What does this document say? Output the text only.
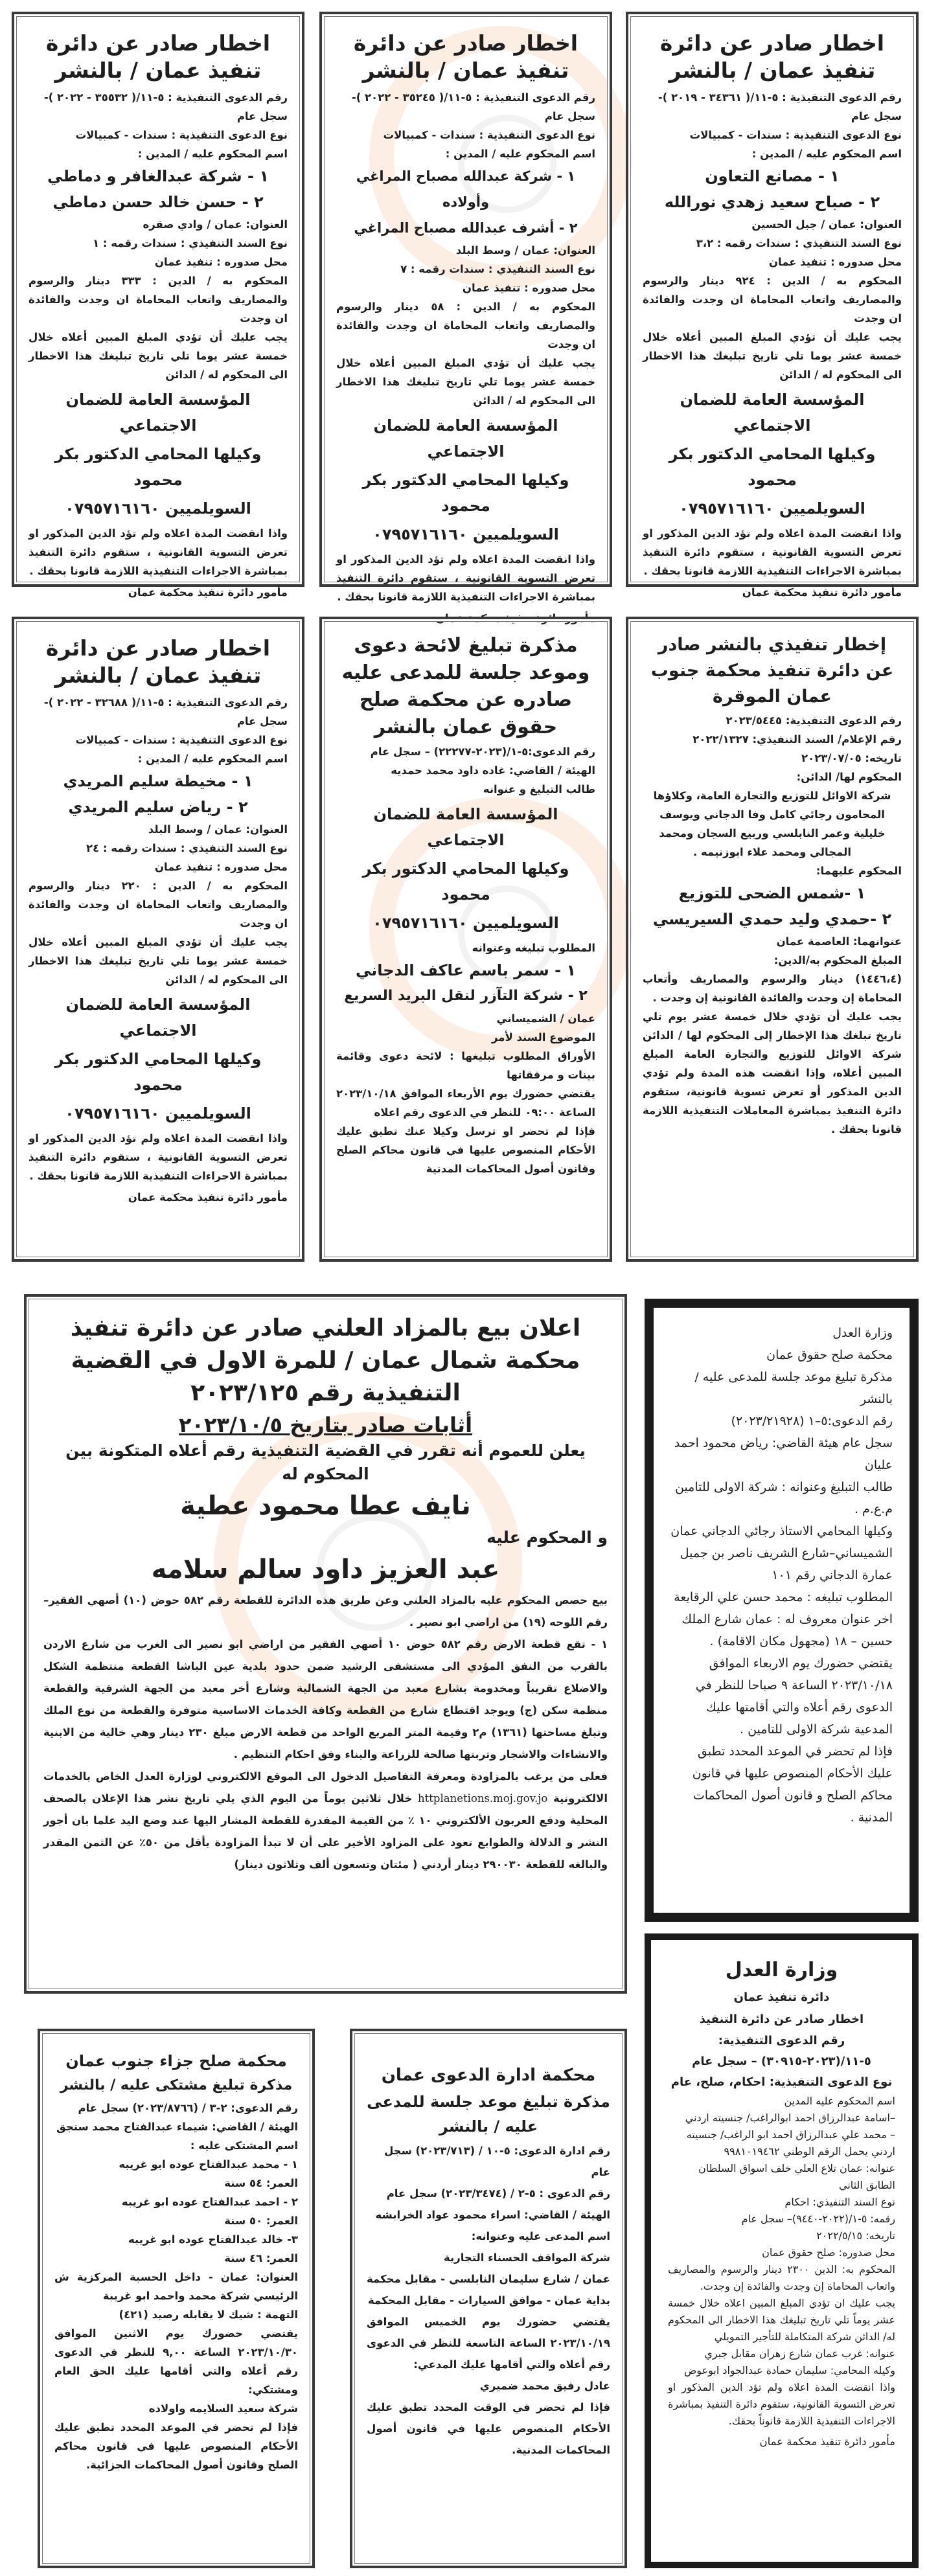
اخطار صادر عن دائرة تنفيذ عمان / بالنشر

رقم الدعوى التنفيذية : ٥-١١/( ٣٤٣٦١ - ٢٠١٩ )- سجل عام

نوع الدعوى التنفيذية : سندات - كمبيالات

اسم المحكوم عليه / المدين :

١ - مصانع التعاون

٢ - صباح سعيد زهدي نورالله

العنوان: عمان / جبل الحسين

نوع السند التنفيذي : سندات رقمه : ٣،٢

محل صدوره : تنفيذ عمان

المحكوم به / الدين : ٩٢٤ دينار والرسوم والمصاريف واتعاب المحاماة ان وجدت والفائدة ان وجدت

يجب عليك أن تؤدي المبلغ المبين أعلاه خلال خمسة عشر يوما تلي تاريخ تبليغك هذا الاخطار الى المحكوم له / الدائن

المؤسسة العامة للضمان الاجتماعي

وكيلها المحامي الدكتور بكر محمود

السويلميين ٠٧٩٥٧١٦١٦٠

واذا انقضت المدة اعلاه ولم تؤد الدين المذكور او تعرض التسوية القانونية ، ستقوم دائرة التنفيذ بمباشرة الاجراءات التنفيذية اللازمة قانونا بحقك .

مأمور دائرة تنفيذ محكمة عمان

اخطار صادر عن دائرة تنفيذ عمان / بالنشر

رقم الدعوى التنفيذية : ٥-١١/( ٣٥٢٤٥ - ٢٠٢٢ )- سجل عام

نوع الدعوى التنفيذية : سندات - كمبيالات

اسم المحكوم عليه / المدين :

١ - شركة عبدالله مصباح المراغي وأولاده

٢ - أشرف عبدالله مصباح المراغي

العنوان: عمان / وسط البلد

نوع السند التنفيذي : سندات رقمه : ٧

محل صدوره : تنفيذ عمان

المحكوم به / الدين : ٥٨ دينار والرسوم والمصاريف واتعاب المحاماة ان وجدت والفائدة ان وجدت

يجب عليك أن تؤدي المبلغ المبين أعلاه خلال خمسة عشر يوما تلي تاريخ تبليغك هذا الاخطار الى المحكوم له / الدائن

المؤسسة العامة للضمان الاجتماعي

وكيلها المحامي الدكتور بكر محمود

السويلميين ٠٧٩٥٧١٦١٦٠

واذا انقضت المدة اعلاه ولم تؤد الدين المذكور او تعرض التسوية القانونية ، ستقوم دائرة التنفيذ بمباشرة الاجراءات التنفيذية اللازمة قانونا بحقك .

مأمور دائرة تنفيذ محكمة عمان

اخطار صادر عن دائرة تنفيذ عمان / بالنشر

رقم الدعوى التنفيذية : ٥-١١/( ٣٥٥٣٢ - ٢٠٢٢ )- سجل عام

نوع الدعوى التنفيذية : سندات - كمبيالات

اسم المحكوم عليه / المدين :

١ - شركة عبدالغافر و دماطي

٢ - حسن خالد حسن دماطي

العنوان: عمان / وادي صقره

نوع السند التنفيذي : سندات رقمه : ١

محل صدوره : تنفيذ عمان

المحكوم به / الدين : ٣٣٣ دينار والرسوم والمصاريف واتعاب المحاماة ان وجدت والفائدة ان وجدت

يجب عليك أن تؤدي المبلغ المبين أعلاه خلال خمسة عشر يوما تلي تاريخ تبليغك هذا الاخطار الى المحكوم له / الدائن

المؤسسة العامة للضمان الاجتماعي

وكيلها المحامي الدكتور بكر محمود

السويلميين ٠٧٩٥٧١٦١٦٠

واذا انقضت المدة اعلاه ولم تؤد الدين المذكور او تعرض التسوية القانونية ، ستقوم دائرة التنفيذ بمباشرة الاجراءات التنفيذية اللازمة قانونا بحقك .

مأمور دائرة تنفيذ محكمة عمان

إخطار تنفيذي بالنشر صادر عن دائرة تنفيذ محكمة جنوب عمان الموقرة

رقم الدعوى التنفيذية: ٢٠٢٣/٥٤٤٥

رقم الإعلام/ السند التنفيذي: ٢٠٢٢/١٣٢٧

تاريخه: ٢٠٢٣/٠٧/٠٥

المحكوم لها/ الدائن:

شركة الاوائل للتوزيع والتجارة العامة، وكلاؤها المحامون رجائي كامل وفا الدجاني ويوسف خليلية وعمر النابلسي وربيع السجان ومحمد المجالي ومحمد علاء ابوزنيمه .

المحكوم عليهما:

١ -شمس الضحى للتوزيع

٢ -حمدي وليد حمدي السيريسي

عنوانهما: العاصمة عمان

المبلغ المحكوم به/الدين:

(١٤٤٦،٤) دينار والرسوم والمصاريف وأتعاب المحاماة إن وجدت والفائدة القانونية إن وجدت .

يجب عليك أن تؤدي خلال خمسة عشر يوم تلي تاريخ تبلغك هذا الإخطار إلى المحكوم لها / الدائن شركة الاوائل للتوزيع والتجارة العامة المبلغ المبين أعلاه، وإذا انقضت هذه المدة ولم تؤدي الدين المذكور أو تعرض تسوية قانونية، ستقوم دائرة التنفيذ بمباشرة المعاملات التنفيذية اللازمة قانونا بحقك .

مذكرة تبليغ لائحة دعوى وموعد جلسة للمدعى عليه صادره عن محكمة صلح حقوق عمان بالنشر

رقم الدعوى:٥-١/(٢٠٢٣-٢٢٢٧٧) – سجل عام

الهيئة / القاضي: غاده داود محمد حمديه

طالب التبليغ و عنوانه

المؤسسة العامة للضمان الاجتماعي

وكيلها المحامي الدكتور بكر محمود

السويلميين ٠٧٩٥٧١٦١٦٠

المطلوب تبليغه وعنوانه

١ - سمر باسم عاكف الدجاني

٢ - شركة التآزر لنقل البريد السريع

عمان / الشميساني

الموضوع السند لأمر

الأوراق المطلوب تبليغها : لائحة دعوى وقائمة بينات و مرفقاتها

يقتضي حضورك يوم الأربعاء الموافق ٢٠٢٣/١٠/١٨ الساعة ٠٩:٠٠ للنظر في الدعوى رقم اعلاه

فإذا لم تحضر او ترسل وكيلا عنك تطبق عليك الأحكام المنصوص عليها في قانون محاكم الصلح وقانون أصول المحاكمات المدنية

اخطار صادر عن دائرة تنفيذ عمان / بالنشر

رقم الدعوى التنفيذية : ٥-١١/( ٣٢٦٨٨ - ٢٠٢٢ )- سجل عام

نوع الدعوى التنفيذية : سندات - كمبيالات

اسم المحكوم عليه / المدين :

١ - مخيطة سليم المريدي

٢ - رياض سليم المريدي

العنوان: عمان / وسط البلد

نوع السند التنفيذي : سندات رقمه : ٢٤

محل صدوره : تنفيذ عمان

المحكوم به / الدين : ٢٢٠ دينار والرسوم والمصاريف واتعاب المحاماة ان وجدت والفائدة ان وجدت

يجب عليك أن تؤدي المبلغ المبين أعلاه خلال خمسة عشر يوما تلي تاريخ تبليغك هذا الاخطار الى المحكوم له / الدائن

المؤسسة العامة للضمان الاجتماعي

وكيلها المحامي الدكتور بكر محمود

السويلميين ٠٧٩٥٧١٦١٦٠

واذا انقضت المدة اعلاه ولم تؤد الدين المذكور او تعرض التسوية القانونية ، ستقوم دائرة التنفيذ بمباشرة الاجراءات التنفيذية اللازمة قانونا بحقك .

مأمور دائرة تنفيذ محكمة عمان

اعلان بيع بالمزاد العلني صادر عن دائرة تنفيذ محكمة شمال عمان / للمرة الاول في القضية التنفيذية رقم ٢٠٢٣/١٢٥
أثابات صادر بتاريخ ٢٠٢٣/١٠/٥

يعلن للعموم أنه تقرر في القضية التنفيذية رقم أعلاه المتكونة بين المحكوم له

نايف عطا محمود عطية

و المحكوم عليه

عبد العزيز داود سالم سلامه

بيع حصص المحكوم عليه بالمزاد العلني وعن طريق هذه الدائرة للقطعة رقم ٥٨٢ حوض (١٠) أصهي الفقير– رقم اللوحه (١٩) من اراضي ابو نصير .

١ - تقع قطعة الارض رقم ٥٨٢ حوض ١٠ أصهي الفقير من اراضي ابو نصير الى الغرب من شارع الاردن بالقرب من النفق المؤدي الى مستشفى الرشيد ضمن حدود بلدية عين الباشا القطعة منتظمة الشكل والاضلاع تقريباً ومخدومة بشارع معبد من الجهة الشمالية وشارع أخر معبد من الجهة الشرقية والقطعة منظمة سكن (ج) ويوجد اقتطاع شارع من القطعة وكافة الخدمات الاساسية متوفرة والقطعة من نوع الملك وتبلغ مساحتها (١٣٦١) م٢ وقيمة المتر المربع الواحد من قطعة الارض مبلغ ٢٣٠ دينار وهي خالية من الابنية والانشاءات والاشجار وتربتها صالحة للزراعة والبناء وفق احكام التنظيم .

فعلى من يرغب بالمزاودة ومعرفة التفاصيل الدخول الى الموقع الالكتروني لوزارة العدل الخاص بالخدمات الالكترونية httplanetions.moj.gov.jo خلال ثلاثين يوماً من اليوم الذي يلي تاريخ نشر هذا الإعلان بالصحف المحلية ودفع العربون الألكتروني ١٠ ٪ من القيمة المقدرة للقطعة المشار اليها عند وضع اليد علما بان أجور النشر و الدلالة والطوابع تعود على المزاود الأخير على أن لا تبدأ المزاودة بأقل من ٥٠٪ عن الثمن المقدر والبالغه للقطعة ٢٩٠٠٣٠ دينار أردني ( مئتان وتسعون ألف وثلاثون دينار)

وزارة العدل

محكمة صلح حقوق عمان

مذكرة تبليغ موعد جلسة للمدعى عليه / بالنشر

رقم الدعوى:٥–١ (٢٠٢٣/٢١٩٢٨)

سجل عام هيئة القاضي: رياض محمود احمد عليان

طالب التبليغ وعنوانه : شركة الاولى للتامين م.ع.م .

وكيلها المحامي الاستاذ رجائي الدجاني عمان الشميساني–شارع الشريف ناصر بن جميل عمارة الدجاني رقم ١٠١

المطلوب تبليغه : محمد حسن علي الرقايعة

اخر عنوان معروف له : عمان شارع الملك حسين – ١٨ (مجهول مكان الاقامة) .

يقتضي حضورك يوم الاربعاء الموافق ٢٠٢٣/١٠/١٨ الساعة ٩ صباحا للنظر في الدعوى رقم أعلاه والتي أقامتها عليك المدعية شركة الاولى للتامين .

فإذا لم تحضر في الموعد المحدد تطبق عليك الأحكام المنصوص عليها في قانون محاكم الصلح و قانون أصول المحاكمات المدنية .

وزارة العدل

دائرة تنفيذ عمان

اخطار صادر عن دائرة التنفيذ

رقم الدعوى التنفيذية:

٥-١١/(٢٠٢٣-٣٠٩١٥) – سجل عام

نوع الدعوى التنفيذية: احكام، صلح، عام

اسم المحكوم عليه المدين

–اسامة عبدالرزاق احمد ابوالراغب/ جنسيته اردني

– محمد علي عبدالرزاق احمد ابو الراغب/ جنسيته اردني يحمل الرقم الوطني ٩٩٨١٠١٩٤٦٢

عنوانه: عمان تلاع العلي خلف اسواق السلطان الطابق الثاني

نوع السند التنفيذي: احكام

رقمه: ٥-١/(٢٠٢٢-٩٤٤٠)– سجل عام

تاريخه: ٢٠٢٢/٥/١٥

محل صدوره: صلح حقوق عمان

المحكوم به: الدين ٢٣٠٠ دينار والرسوم والمصاريف واتعاب المحاماة إن وجدت والفائدة إن وجدت.

يجب عليك ان تؤدي المبلغ المبين اعلاه خلال خمسة عشر يوماً تلي تاريخ تبليغك هذا الاخطار الى المحكوم له/ الدائن شركة المتكاملة للتأجير التمويلي

عنوانه: غرب عمان شارع زهران مقابل جبري

وكيله المحامي: سليمان حمادة عبدالجواد ابوعوض

واذا انقضت المدة اعلاه ولم تؤد الدين المذكور او تعرض التسوية القانونية، ستقوم دائرة التنفيذ بمباشرة الاجراءات التنفيذية اللازمة قانوناً بحقك.

مأمور دائرة تنفيذ محكمة عمان

محكمة ادارة الدعوى عمان
مذكرة تبليغ موعد جلسة للمدعى عليه / بالنشر

رقم ادارة الدعوى: ٥-١٠ / (٢٠٢٣/٧١٣) سجل عام

رقم الدعوى : ٥-٢ / (٢٠٢٣/٣٤٧٤) سجل عام

الهيئة / القاضي: اسراء محمود عواد الخرابشه

اسم المدعى عليه وعنوانه:

شركة المواقف الحسناء التجارية

عمان / شارع سليمان النابلسي - مقابل محكمة بداية عمان - موافق السيارات - مقابل المحكمة

يقتضي حضورك يوم الخميس الموافق ٢٠٢٣/١٠/١٩ الساعة التاسعة للنظر في الدعوى رقم أعلاه والتي أقامها عليك المدعي:

عادل رفيق محمد ضميري

فإذا لم تحضر في الوقت المحدد تطبق عليك الأحكام المنصوص عليها في قانون أصول المحاكمات المدنية.

محكمة صلح جزاء جنوب عمان
مذكرة تبليغ مشتكى عليه / بالنشر

رقم الدعوى: ٢-٣ / (٢٠٢٣/٨٧٦٦) سجل عام

الهيئة / القاضي: شيماء عبدالفتاح محمد سنجق

اسم المشتكى عليه :

١ - محمد عبدالفتاح عوده ابو غريبه

العمر: ٥٤ سنة

٢ - احمد عبدالفتاح عوده ابو غريبه

العمر: ٥٠ سنة

٣- خالد عبدالفتاح عوده ابو غريبه

العمر: ٤٦ سنة

العنوان: عمان - داخل الحسبة المركزية ش الرئيسي شركة محمد واحمد ابو غريبة

التهمة : شيك لا يقابله رصيد (٤٢١)

يقتضي حضورك يوم الاثنين الموافق ٢٠٢٣/١٠/٣٠ الساعة ٩,٠٠ للنظر في الدعوى رقم أعلاه والتي أقامها عليك الحق العام ومشتكي:

شركة سعيد السلايمه واولاده

فإذا لم تحضر في الموعد المحدد تطبق عليك الأحكام المنصوص عليها في قانون محاكم الصلح وقانون أصول المحاكمات الجزائية.
